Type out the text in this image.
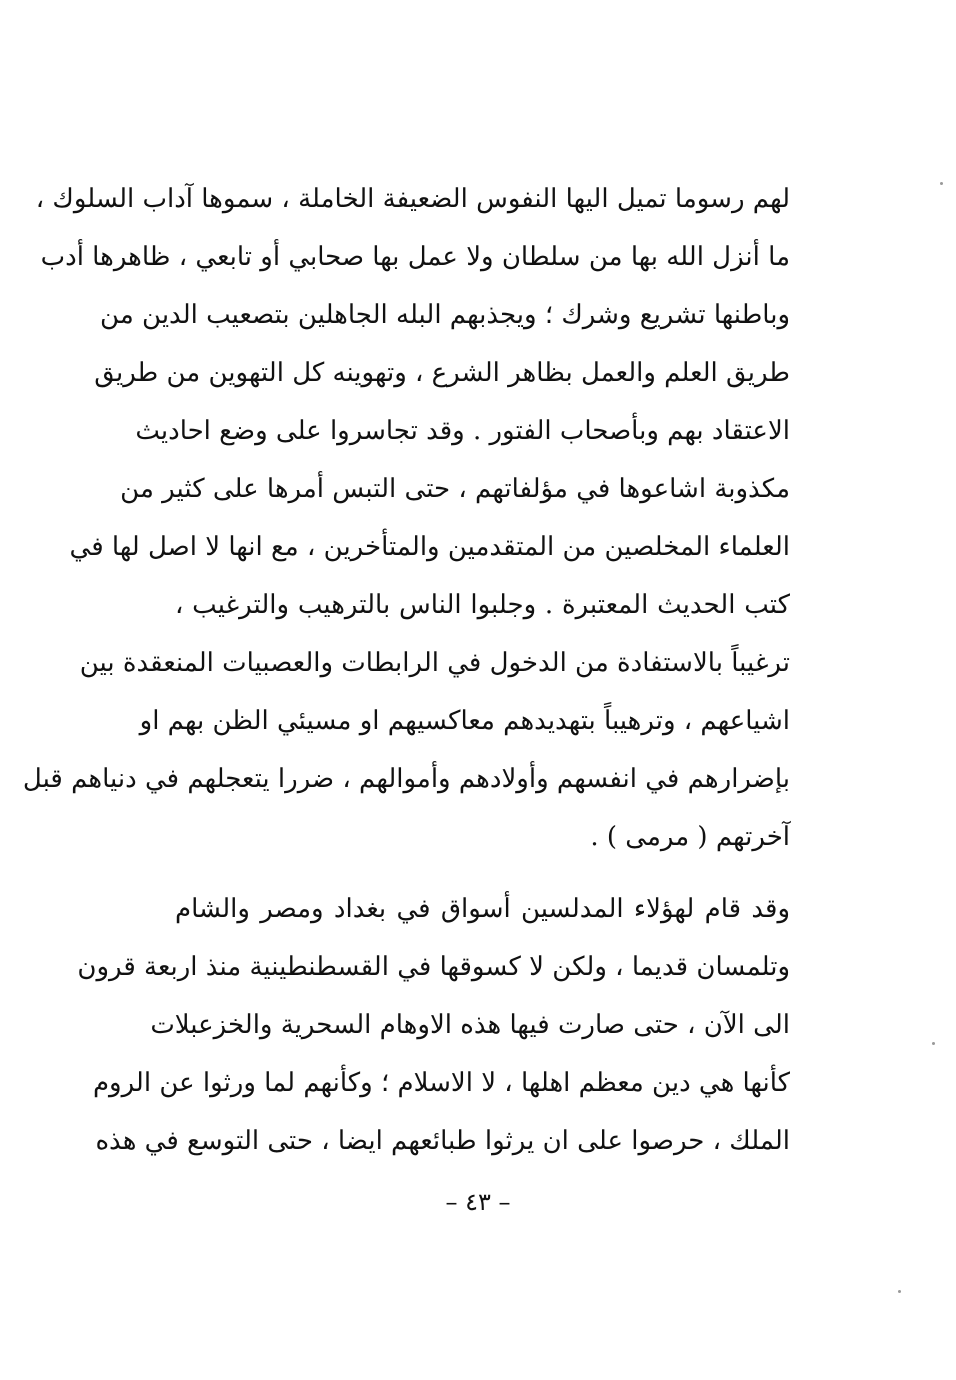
لهم رسوما تميل اليها النفوس الضعيفة الخاملة ، سموها آداب السلوك ،
ما أنزل الله بها من سلطان ولا عمل بها صحابي أو تابعي ، ظاهرها أدب
وباطنها تشريع وشرك ؛ ويجذبهم البله الجاهلين بتصعيب الدين من
طريق العلم والعمل بظاهر الشرع ، وتهوينه كل التهوين من طريق
الاعتقاد بهم وبأصحاب الفتور . وقد تجاسروا على وضع احاديث
مكذوبة اشاعوها في مؤلفاتهم ، حتى التبس أمرها على كثير من
العلماء المخلصين من المتقدمين والمتأخرين ، مع انها لا اصل لها في
كتب الحديث المعتبرة . وجلبوا الناس بالترهيب والترغيب ،
ترغيباً بالاستفادة من الدخول في الرابطات والعصبيات المنعقدة بين
اشياعهم ، وترهيباً بتهديدهم معاكسيهم او مسيئي الظن بهم او
بإضرارهم في انفسهم وأولادهم وأموالهم ، ضررا يتعجلهم في دنياهم قبل
آخرتهم ( مرمى ) .
وقد قام لهؤلاء المدلسين أسواق في بغداد ومصر والشام
وتلمسان قديما ، ولكن لا كسوقها في القسطنطينية منذ اربعة قرون
الى الآن ، حتى صارت فيها هذه الاوهام السحرية والخزعبلات
كأنها هي دين معظم اهلها ، لا الاسلام ؛ وكأنهم لما ورثوا عن الروم
الملك ، حرصوا على ان يرثوا طبائعهم ايضا ، حتى التوسع في هذه
– ٤٣ –
